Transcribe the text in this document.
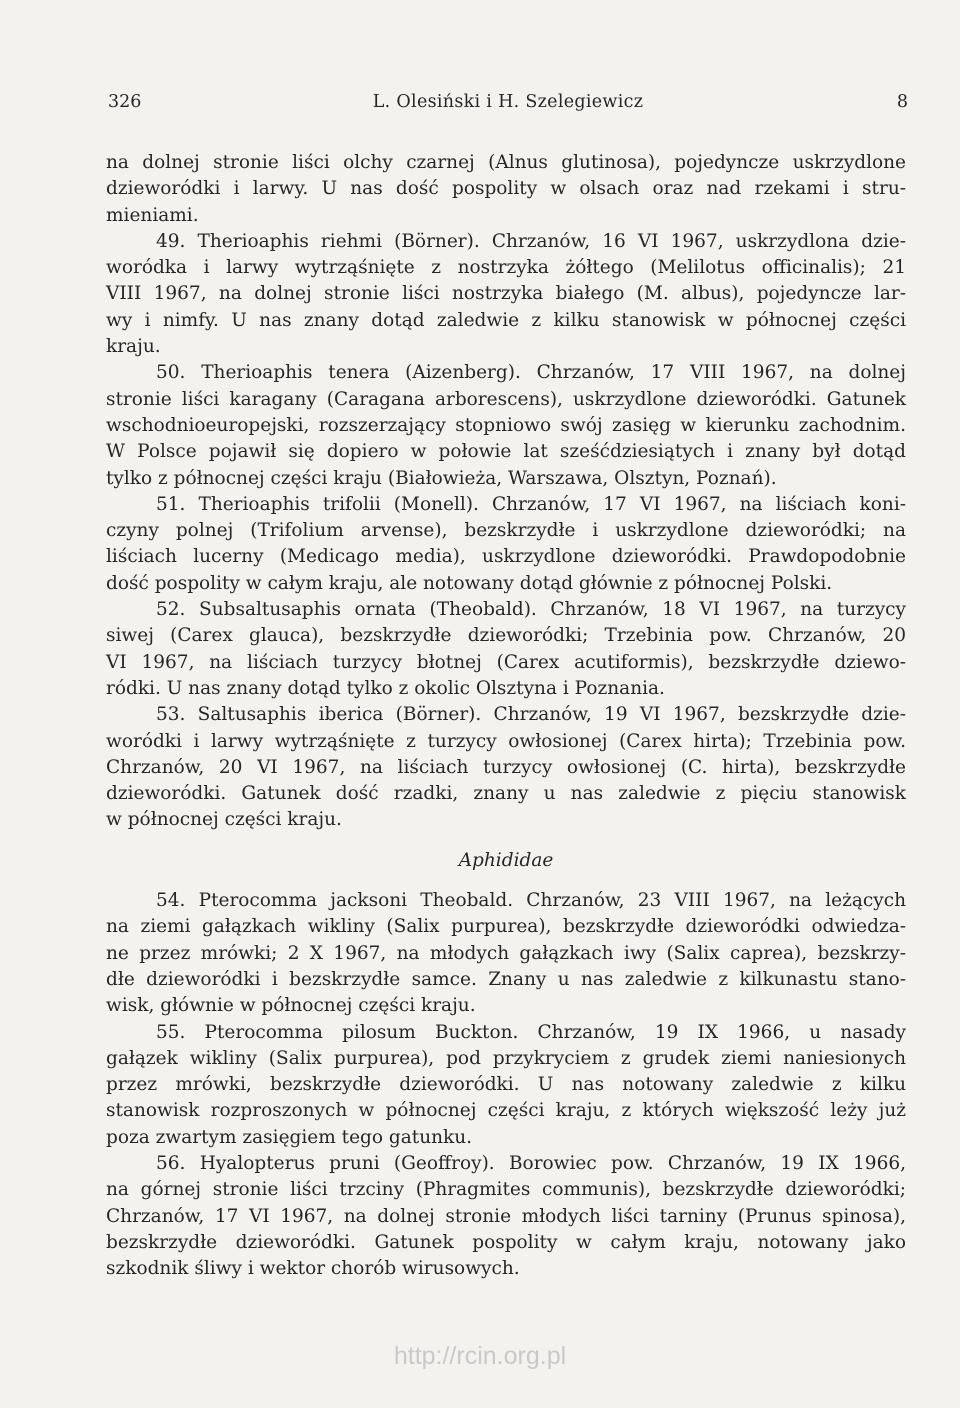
326	L. Olesiński i H. Szelegiewicz	8
na dolnej stronie liści olchy czarnej (Alnus glutinosa), pojedyncze uskrzydlone
dzieworódki i larwy. U nas dość pospolity w olsach oraz nad rzekami i stru-
mieniami.
49. Therioaphis riehmi (Börner). Chrzanów, 16 VI 1967, uskrzydlona dzie-
woródka i larwy wytrząśnięte z nostrzyka żółtego (Melilotus officinalis); 21
VIII 1967, na dolnej stronie liści nostrzyka białego (M. albus), pojedyncze lar-
wy i nimfy. U nas znany dotąd zaledwie z kilku stanowisk w północnej części
kraju.
50. Therioaphis tenera (Aizenberg). Chrzanów, 17 VIII 1967, na dolnej
stronie liści karagany (Caragana arborescens), uskrzydlone dzieworódki. Gatunek
wschodnioeuropejski, rozszerzający stopniowo swój zasięg w kierunku zachodnim.
W Polsce pojawił się dopiero w połowie lat sześćdziesiątych i znany był dotąd
tylko z północnej części kraju (Białowieża, Warszawa, Olsztyn, Poznań).
51. Therioaphis trifolii (Monell). Chrzanów, 17 VI 1967, na liściach koni-
czyny polnej (Trifolium arvense), bezskrzydłe i uskrzydlone dzieworódki; na
liściach lucerny (Medicago media), uskrzydlone dzieworódki. Prawdopodobnie
dość pospolity w całym kraju, ale notowany dotąd głównie z północnej Polski.
52. Subsaltusaphis ornata (Theobald). Chrzanów, 18 VI 1967, na turzycy
siwej (Carex glauca), bezskrzydłe dzieworódki; Trzebinia pow. Chrzanów, 20
VI 1967, na liściach turzycy błotnej (Carex acutiformis), bezskrzydłe dziewo-
ródki. U nas znany dotąd tylko z okolic Olsztyna i Poznania.
53. Saltusaphis iberica (Börner). Chrzanów, 19 VI 1967, bezskrzydłe dzie-
woródki i larwy wytrząśnięte z turzycy owłosionej (Carex hirta); Trzebinia pow.
Chrzanów, 20 VI 1967, na liściach turzycy owłosionej (C. hirta), bezskrzydłe
dzieworódki. Gatunek dość rzadki, znany u nas zaledwie z pięciu stanowisk
w północnej części kraju.
Aphididae
54. Pterocomma jacksoni Theobald. Chrzanów, 23 VIII 1967, na leżących
na ziemi gałązkach wikliny (Salix purpurea), bezskrzydłe dzieworódki odwiedza-
ne przez mrówki; 2 X 1967, na młodych gałązkach iwy (Salix caprea), bezskrzy-
dłe dzieworódki i bezskrzydłe samce. Znany u nas zaledwie z kilkunastu stano-
wisk, głównie w północnej części kraju.
55. Pterocomma pilosum Buckton. Chrzanów, 19 IX 1966, u nasady
gałązek wikliny (Salix purpurea), pod przykryciem z grudek ziemi naniesionych
przez mrówki, bezskrzydłe dzieworódki. U nas notowany zaledwie z kilku
stanowisk rozproszonych w północnej części kraju, z których większość leży już
poza zwartym zasięgiem tego gatunku.
56. Hyalopterus pruni (Geoffroy). Borowiec pow. Chrzanów, 19 IX 1966,
na górnej stronie liści trzciny (Phragmites communis), bezskrzydłe dzieworódki;
Chrzanów, 17 VI 1967, na dolnej stronie młodych liści tarniny (Prunus spinosa),
bezskrzydłe dzieworódki. Gatunek pospolity w całym kraju, notowany jako
szkodnik śliwy i wektor chorób wirusowych.
http://rcin.org.pl
